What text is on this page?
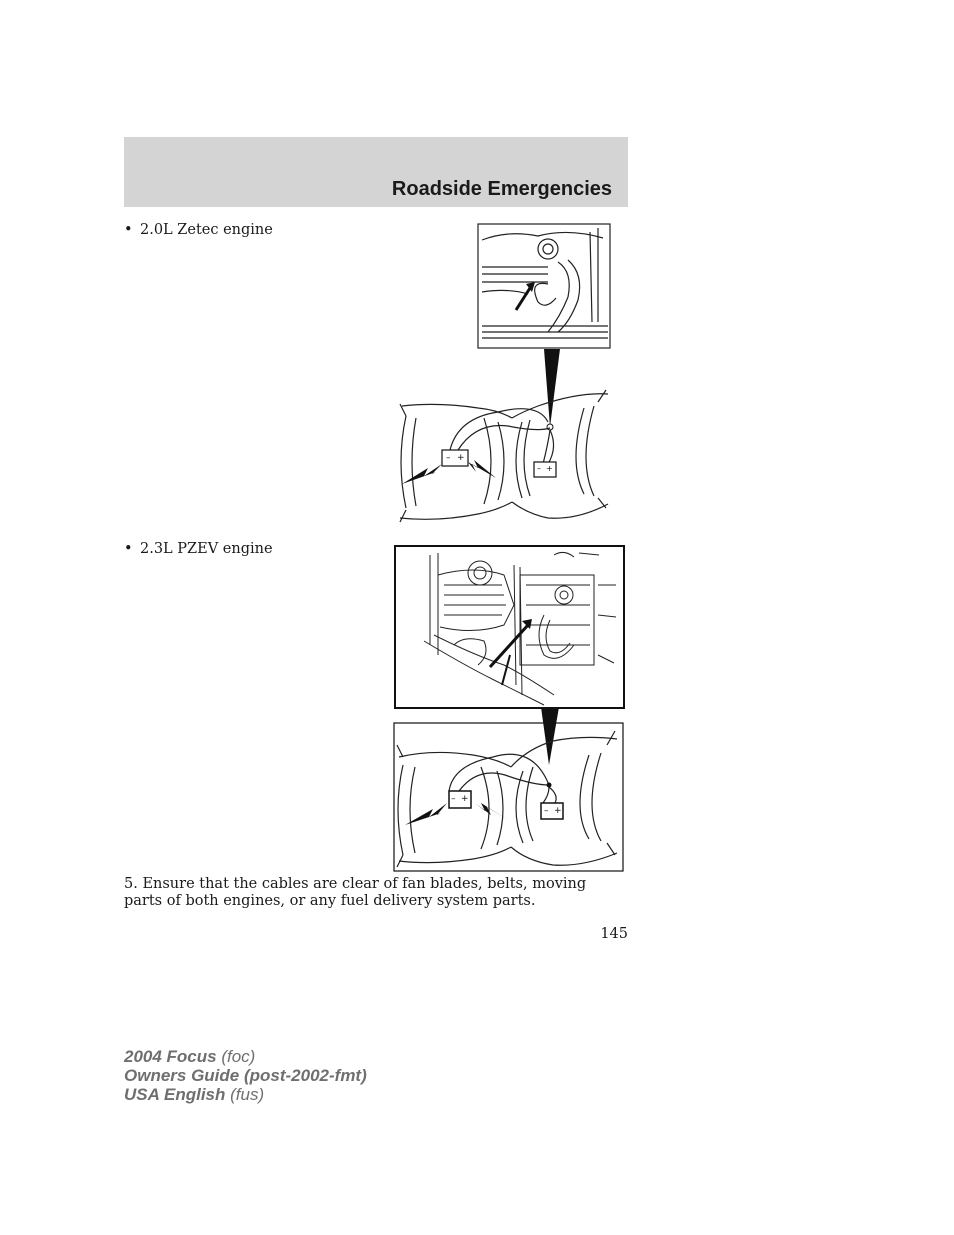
Roadside Emergencies
• 2.0L Zetec engine
– +
– +
• 2.3L PZEV engine
– +
– +

5. Ensure that the cables are clear of fan blades, belts, moving parts of both engines, or any fuel delivery system parts.

145
2004 Focus (foc)
Owners Guide (post-2002-fmt)
USA English (fus)
